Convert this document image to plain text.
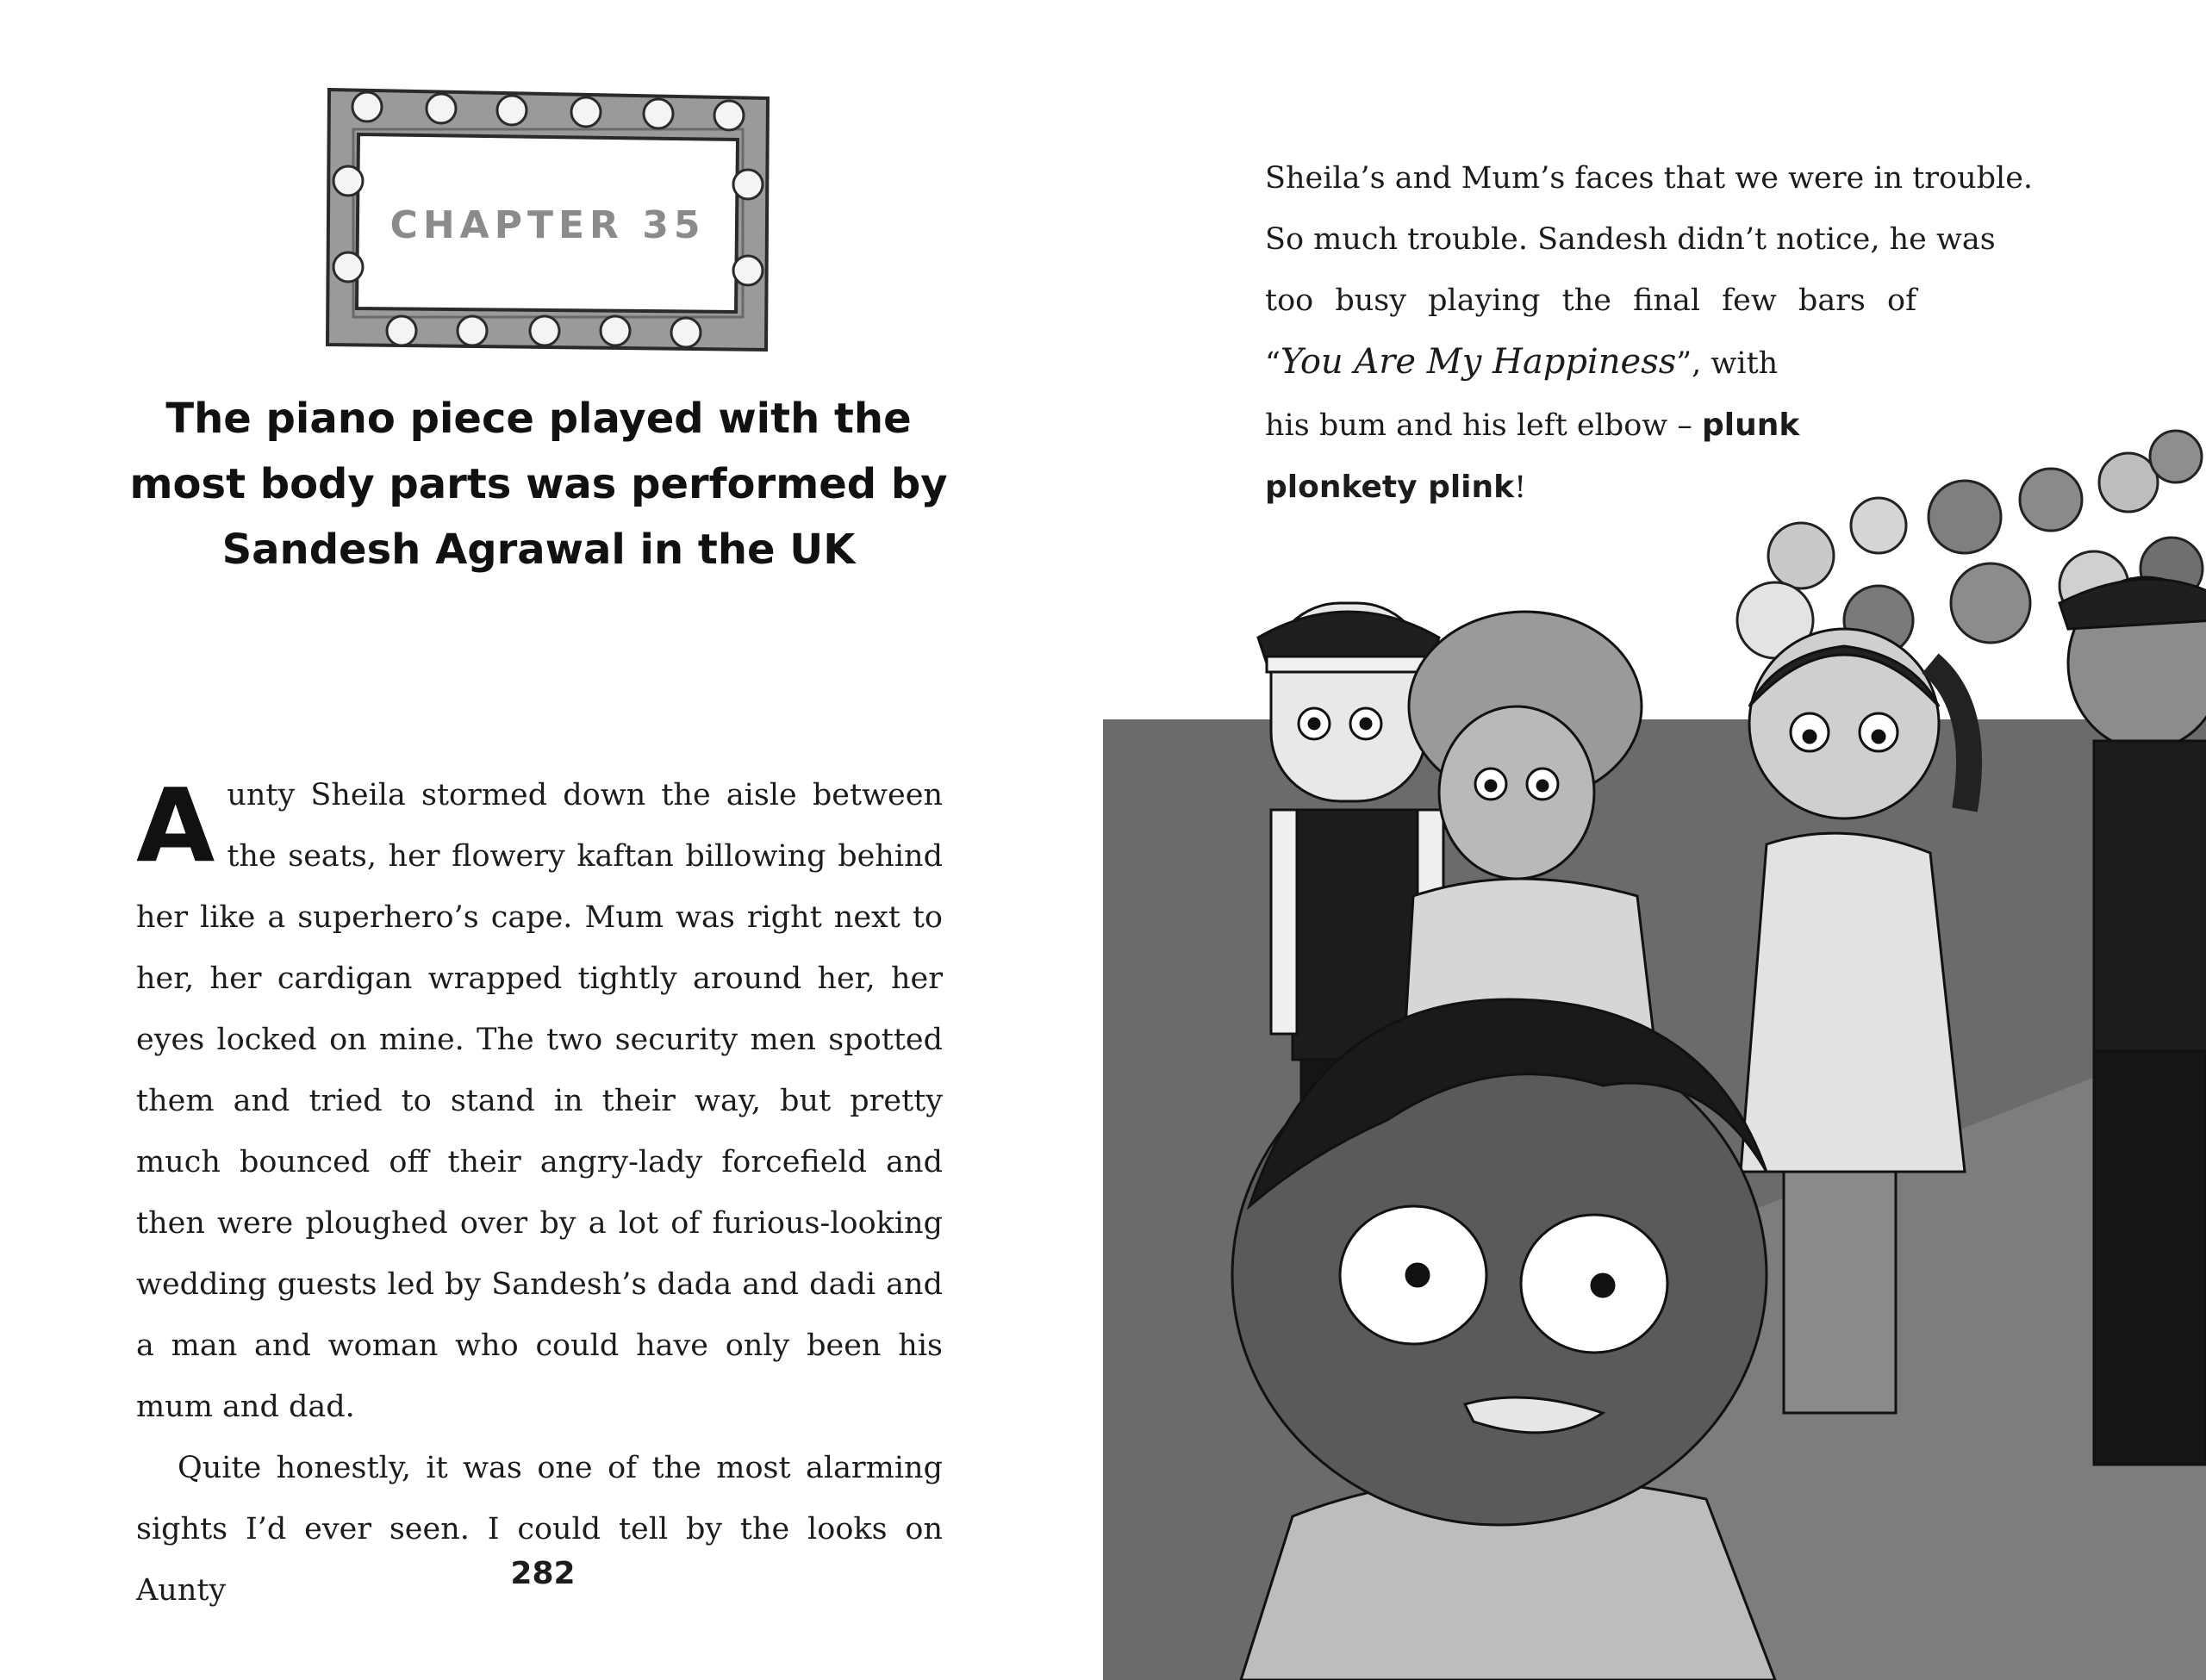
CHAPTER 35
The piano piece played with the most body parts was performed by Sandesh Agrawal in the UK

Aunty Sheila stormed down the aisle between the seats, her flowery kaftan billowing behind her like a superhero’s cape. Mum was right next to her, her cardigan wrapped tightly around her, her eyes locked on mine. The two security men spotted them and tried to stand in their way, but pretty much bounced off their angry-lady forcefield and then were ploughed over by a lot of furious-looking wedding guests led by Sandesh’s dada and dadi and a man and woman who could have only been his mum and dad.

Quite honestly, it was one of the most alarming sights I’d ever seen. I could tell by the looks on Aunty	282
Sheila’s and Mum’s faces that we were in trouble.
So much trouble. Sandesh didn’t notice, he was
too busy playing the final few bars of
“You Are My Happiness”, with
his bum and his left elbow – plunk
plonkety plink!
